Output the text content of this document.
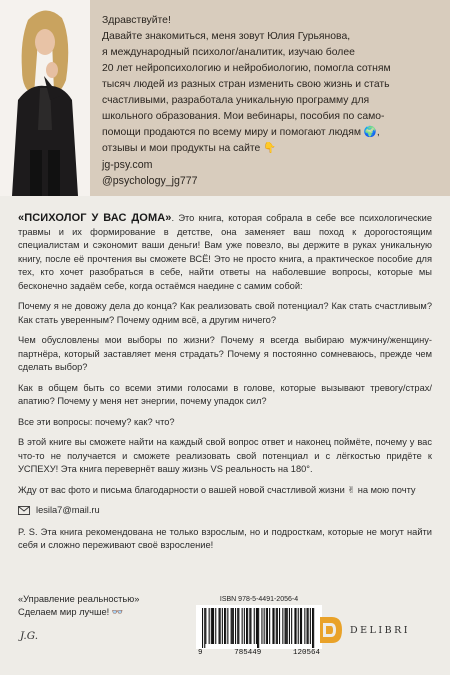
Здравствуйте!
Давайте знакомиться, меня зовут Юлия Гурьянова,
я международный психолог/аналитик, изучаю более
20 лет нейропсихологию и нейробиологию, помогла сотням
тысяч людей из разных стран изменить свою жизнь и стать
счастливыми, разработала уникальную программу для
школьного образования. Мои вебинары, пособия по само-
помощи продаются по всему миру и помогают людям 🌍,
отзывы и мои продукты на сайте 👇
jg-psy.com
@psychology_jg777

«ПСИХОЛОГ У ВАС ДОМА». Это книга, которая собрала в себе все психологические травмы и их формирование в детстве, она заменяет ваш поход к дорогостоящим специалистам и сэкономит ваши деньги! Вам уже повезло, вы держите в руках уникальную книгу, после её прочтения вы сможете ВСЁ! Это не просто книга, а практическое пособие для тех, кто хочет разобраться в себе, найти ответы на наболевшие вопросы, которые мы бесконечно задаём себе, когда остаёмся наедине с самим собой:

Почему я не довожу дела до конца? Как реализовать свой потенциал? Как стать счастливым? Как стать уверенным? Почему одним всё, а другим ничего?

Чем обусловлены мои выборы по жизни? Почему я всегда выбираю мужчину/женщину-партнёра, который заставляет меня страдать? Почему я постоянно сомневаюсь, прежде чем сделать выбор?

Как в общем быть со всеми этими голосами в голове, которые вызывают тревогу/страх/апатию? Почему у меня нет энергии, почему упадок сил?

Все эти вопросы: почему? как? что?

В этой книге вы сможете найти на каждый свой вопрос ответ и наконец поймёте, почему у вас что-то не получается и сможете реализовать свой потенциал и с лёгкостью придёте к УСПЕХУ! Эта книга перевернёт вашу жизнь VS реальность на 180°.

Жду от вас фото и письма благодарности о вашей новой счастливой жизни ✌ на мою почту

lesila7@mail.ru

P. S. Эта книга рекомендована не только взрослым, но и подросткам, которые не могут найти себя и сложно переживают своё взрослениe!

«Управление реальностью»
Сделаем мир лучше! 👓
J.G.
ISBN 978-5-4491-2056-4
9	785449	120564
DELIBRI
